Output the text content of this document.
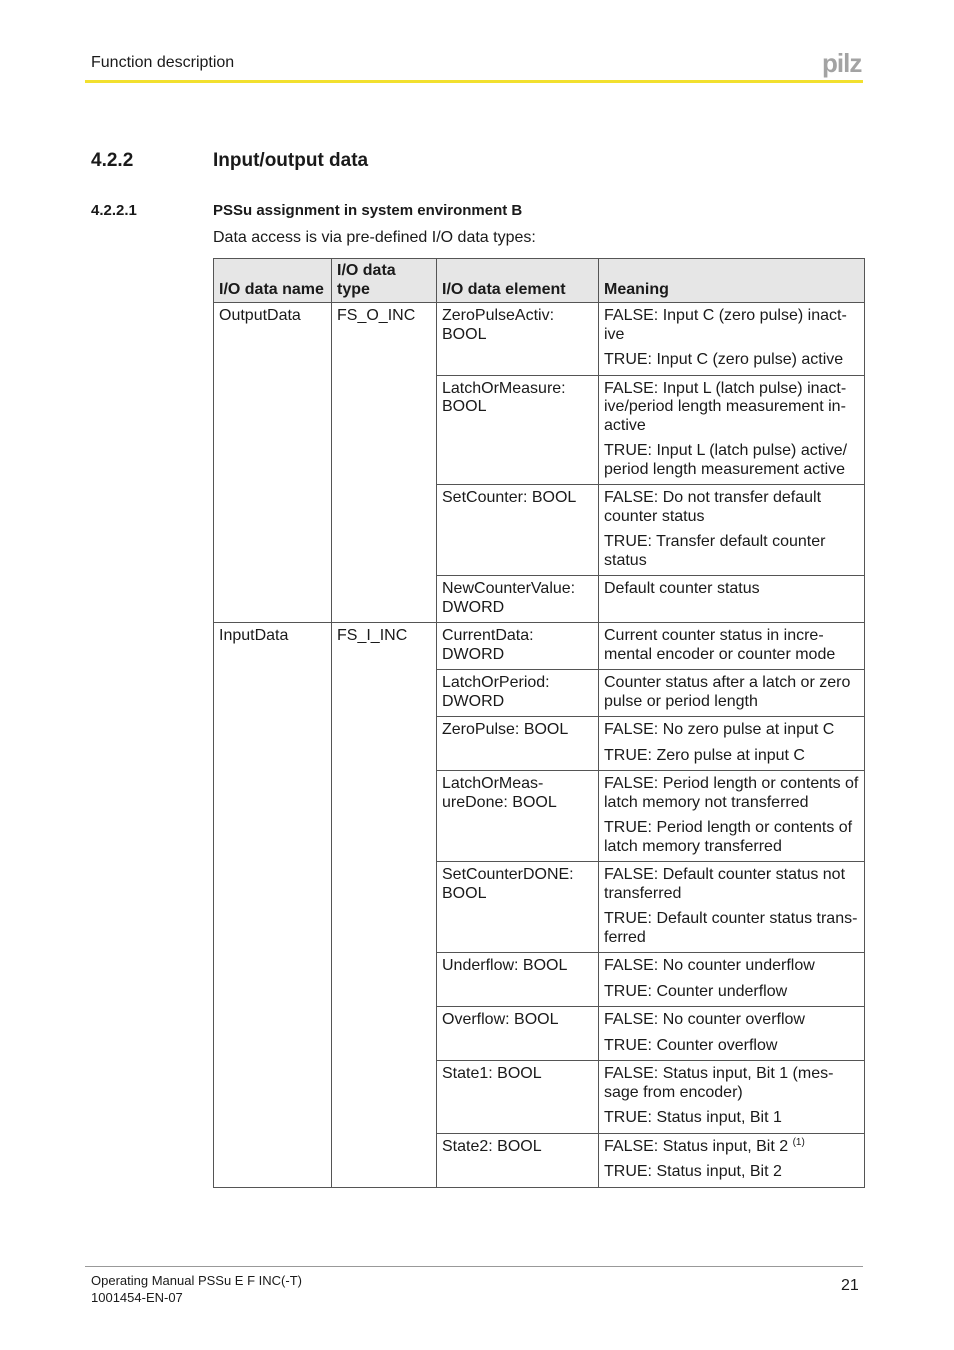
Function description	pilz
4.2.2	Input/output data
4.2.2.1	PSSu assignment in system environment B
Data access is via pre-defined I/O data types:
I/O data name	I/O data type	I/O data element	Meaning
OutputData	FS_O_INC	ZeroPulseActiv: BOOL	FALSE: Input C (zero pulse) inact-ive
TRUE: Input C (zero pulse) active

		LatchOrMeasure: BOOL	FALSE: Input L (latch pulse) inact-ive/period length measurement in-active
TRUE: Input L (latch pulse) active/ period length measurement active

		SetCounter: BOOL	FALSE: Do not transfer default counter status
TRUE: Transfer default counter status

		NewCounterValue: DWORD	Default counter status

InputData	FS_I_INC	CurrentData: DWORD	Current counter status in incre-mental encoder or counter mode

		LatchOrPeriod: DWORD	Counter status after a latch or zero pulse or period length

		ZeroPulse: BOOL	FALSE: No zero pulse at input C
TRUE: Zero pulse at input C

		LatchOrMeas-ureDone: BOOL	FALSE: Period length or contents of latch memory not transferred
TRUE: Period length or contents of latch memory transferred

		SetCounterDONE: BOOL	FALSE: Default counter status not transferred
TRUE: Default counter status trans-ferred

		Underflow: BOOL	FALSE: No counter underflow
TRUE: Counter underflow

		Overflow: BOOL	FALSE: No counter overflow
TRUE: Counter overflow

		State1: BOOL	FALSE: Status input, Bit 1 (mes-sage from encoder)
TRUE: Status input, Bit 1

		State2: BOOL	FALSE: Status input, Bit 2 $^{(1)}$
TRUE: Status input, Bit 2
Operating Manual PSSu E F INC(-T)
1001454-EN-07
21
